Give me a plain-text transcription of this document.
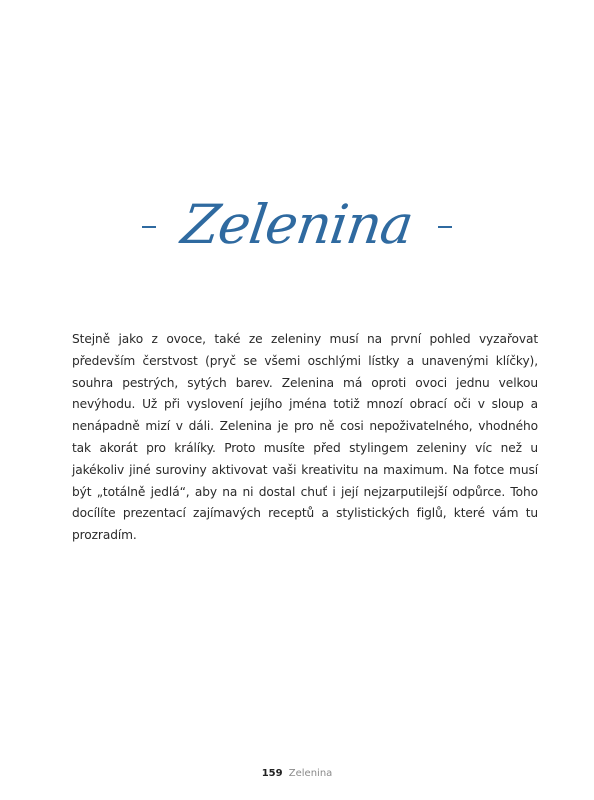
Zelenina

Stejně jako z ovoce, také ze zeleniny musí na první pohled vyzařovat především čerstvost (pryč se všemi oschlými lístky a unavenými klíčky), souhra pestrých, sytých barev. Zelenina má oproti ovoci jednu velkou nevýhodu. Už při vyslovení jejího jména totiž mnozí obrací oči v sloup a nenápadně mizí v dáli. Zelenina je pro ně cosi nepoživatelného, vhodného tak akorát pro králíky. Proto musíte před stylingem zeleniny víc než u jakékoliv jiné suroviny aktivovat vaši kreativitu na maximum. Na fotce musí být „totálně jedlá“, aby na ni dostal chuť i její nejzarputilejší odpůrce. Toho docílíte prezentací zajímavých receptů a stylistických figlů, které vám tu prozradím.

159 Zelenina
